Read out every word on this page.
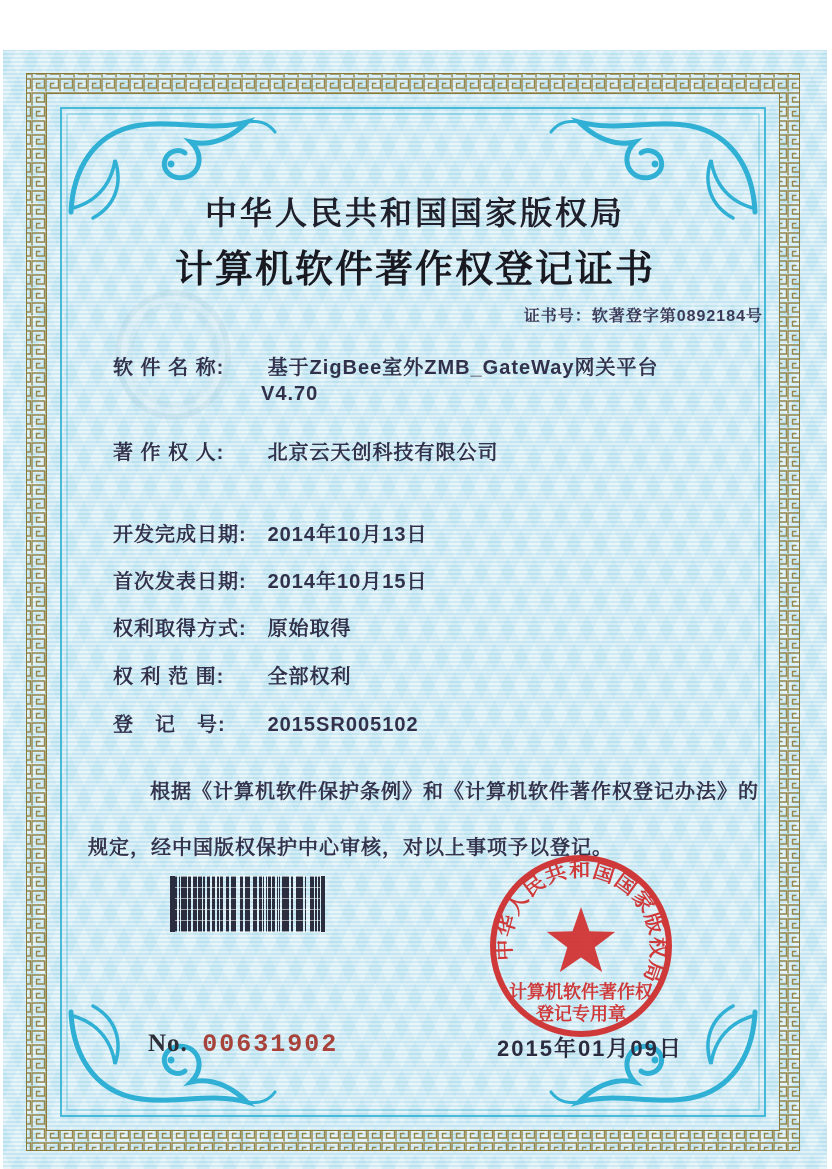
中华人民共和国国家版权局
计算机软件著作权登记证书
证书号：软著登字第0892184号
软 件 名 称: 基于ZigBee室外ZMB_GateWay网关平台
V4.70
著 作 权 人: 北京云天创科技有限公司
开发完成日期: 2014年10月13日
首次发表日期: 2014年10月15日
权利取得方式: 原始取得
权 利 范 围: 全部权利
登　记　号: 2015SR005102
根据《计算机软件保护条例》和《计算机软件著作权登记办法》的
规定，经中国版权保护中心审核，对以上事项予以登记。
No. 00631902	2015年01月09日
中华人民共和国国家版权局
计算机软件著作权
登记专用章
